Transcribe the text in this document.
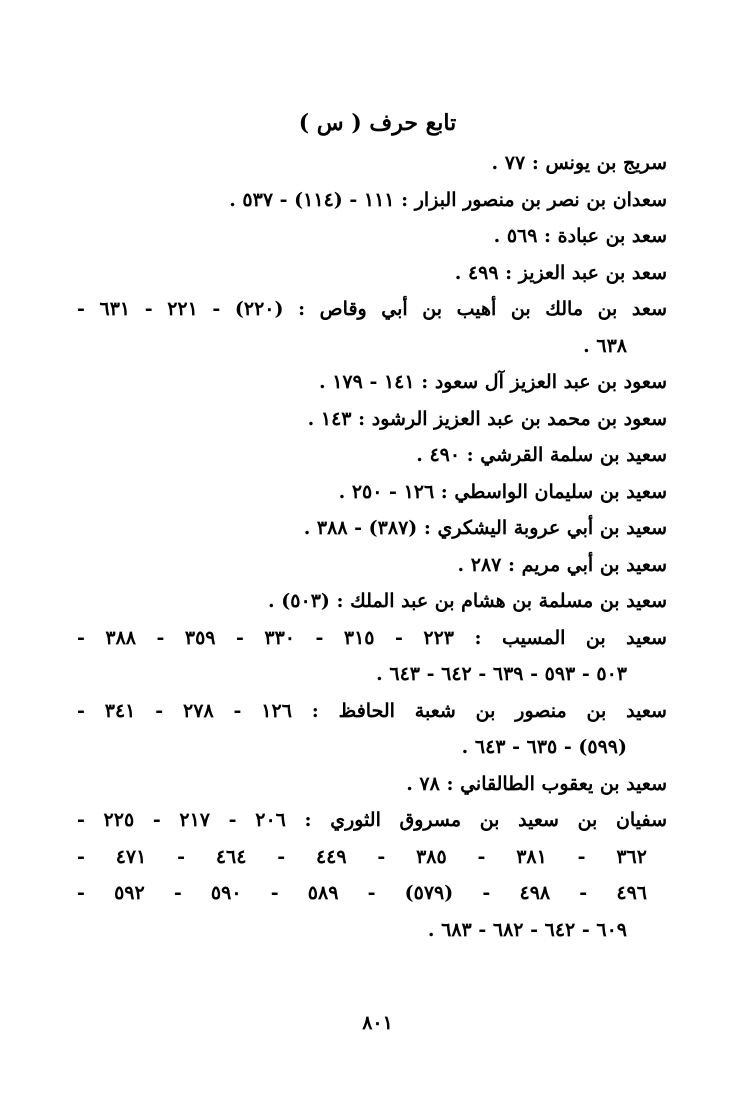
تابع حرف ( س )
سريج بن يونس : ٧٧ .
سعدان بن نصر بن منصور البزار : ١١١ - (١١٤) - ٥٣٧ .
سعد بن عبادة : ٥٦٩ .
سعد بن عبد العزيز : ٤٩٩ .
سعد بن مالك بن أهيب بن أبي وقاص : (٢٢٠) - ٢٢١ - ٦٣١ -
٦٣٨ .
سعود بن عبد العزيز آل سعود : ١٤١ - ١٧٩ .
سعود بن محمد بن عبد العزيز الرشود : ١٤٣ .
سعيد بن سلمة القرشي : ٤٩٠ .
سعيد بن سليمان الواسطي : ١٢٦ - ٢٥٠ .
سعيد بن أبي عروبة اليشكري : (٣٨٧) - ٣٨٨ .
سعيد بن أبي مريم : ٢٨٧ .
سعيد بن مسلمة بن هشام بن عبد الملك : (٥٠٣) .
سعيد بن المسيب : ٢٢٣ - ٣١٥ - ٣٣٠ - ٣٥٩ - ٣٨٨ -
٥٠٣ - ٥٩٣ - ٦٣٩ - ٦٤٢ - ٦٤٣ .
سعيد بن منصور بن شعبة الحافظ : ١٢٦ - ٢٧٨ - ٣٤١ -
(٥٩٩) - ٦٣٥ - ٦٤٣ .
سعيد بن يعقوب الطالقاني : ٧٨ .
سفيان بن سعيد بن مسروق الثوري : ٢٠٦ - ٢١٧ - ٢٢٥ -
٣٦٢ - ٣٨١ - ٣٨٥ - ٤٤٩ - ٤٦٤ - ٤٧١ -
٤٩٦ - ٤٩٨ - (٥٧٩) - ٥٨٩ - ٥٩٠ - ٥٩٢ -
٦٠٩ - ٦٤٢ - ٦٨٢ - ٦٨٣ .
٨٠١
